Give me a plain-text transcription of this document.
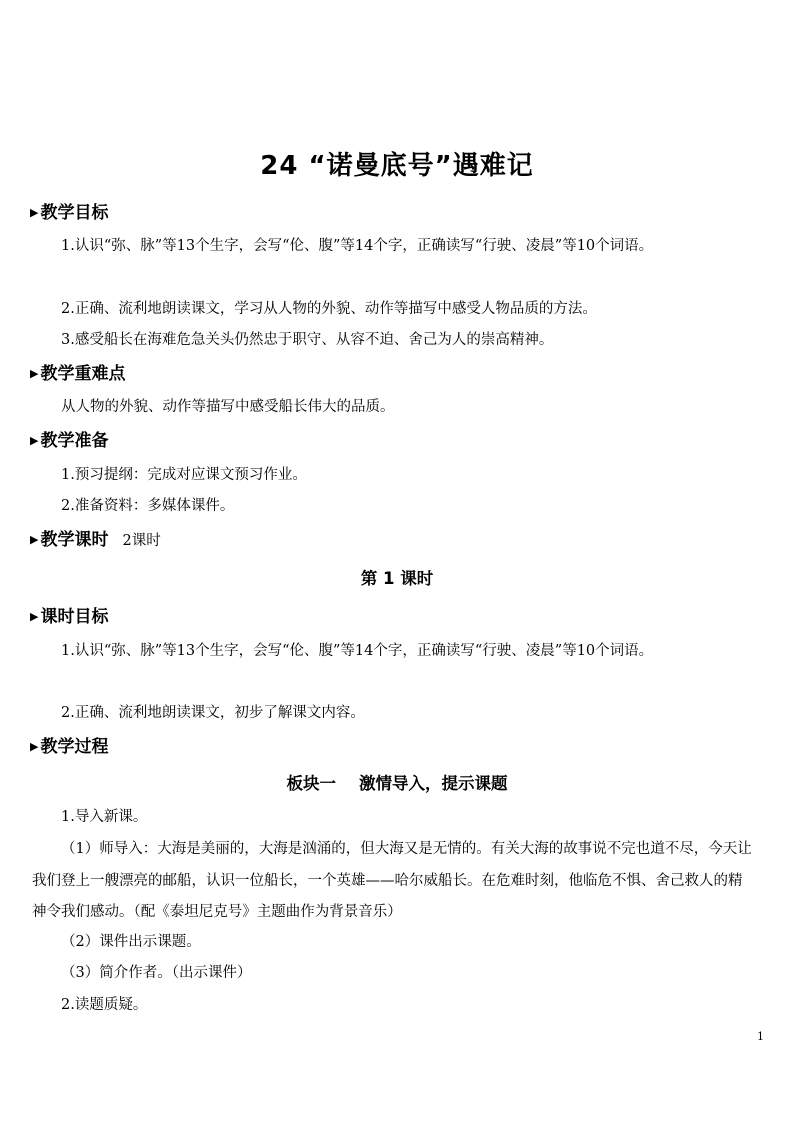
24 “诺曼底号”遇难记
▶ 教学目标

1.认识“弥、脉”等13个生字，会写“伦、腹”等14个字，正确读写“行驶、凌晨”等10个词语。

2.正确、流利地朗读课文，学习从人物的外貌、动作等描写中感受人物品质的方法。

3.感受船长在海难危急关头仍然忠于职守、从容不迫、舍己为人的崇高精神。

▶ 教学重难点

从人物的外貌、动作等描写中感受船长伟大的品质。

▶ 教学准备

1.预习提纲：完成对应课文预习作业。

2.准备资料：多媒体课件。

▶ 教学课时 2课时
第 1 课时
▶ 课时目标

1.认识“弥、脉”等13个生字，会写“伦、腹”等14个字，正确读写“行驶、凌晨”等10个词语。

2.正确、流利地朗读课文，初步了解课文内容。

▶ 教学过程
板块一    激情导入，提示课题

1.导入新课。

（1）师导入：大海是美丽的，大海是汹涌的，但大海又是无情的。有关大海的故事说不完也道不尽，今天让我们登上一艘漂亮的邮船，认识一位船长，一个英雄——哈尔威船长。在危难时刻，他临危不惧、舍己救人的精神令我们感动。（配《泰坦尼克号》主题曲作为背景音乐）

（2）课件出示课题。

（3）简介作者。（出示课件）

2.读题质疑。

1
